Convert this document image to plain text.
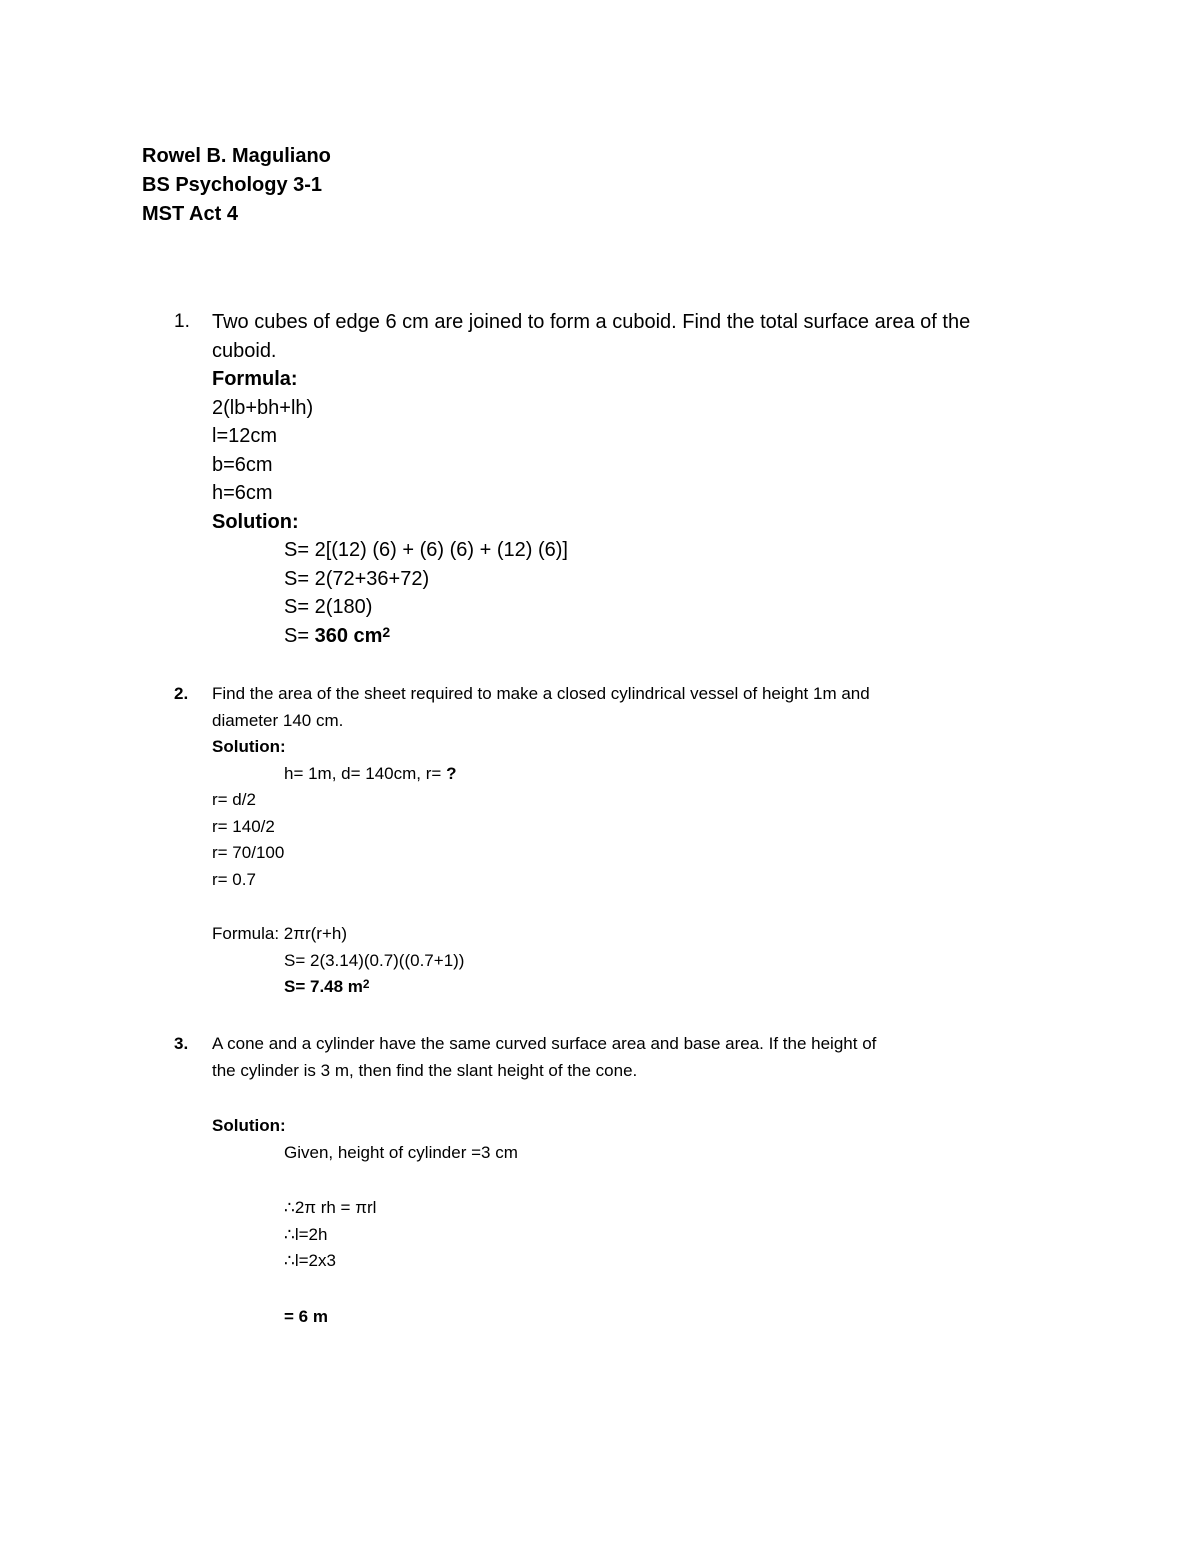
Rowel B. Maguliano
BS Psychology 3-1
MST Act 4
1. Two cubes of edge 6 cm are joined to form a cuboid. Find the total surface area of the
cuboid.
Formula:
2(lb+bh+lh)
l=12cm
b=6cm
h=6cm
Solution:
S= 2[(12) (6) + (6) (6) + (12) (6)]
S= 2(72+36+72)
S= 2(180)
S= 360 $cm^2$
2. Find the area of the sheet required to make a closed cylindrical vessel of height 1m and
diameter 140 cm.
Solution:
h= 1m, d= 140cm, r= ?
r= d/2
r= 140/2
r= 70/100
r= 0.7
Formula: 2πr(r+h)
S= 2(3.14)(0.7)((0.7+1))
S= 7.48 $m^2$
3. A cone and a cylinder have the same curved surface area and base area. If the height of
the cylinder is 3 m, then find the slant height of the cone.
Solution:
Given, height of cylinder =3 cm
∴2π rh = πrl
∴l=2h
∴l=2x3
= 6 m
